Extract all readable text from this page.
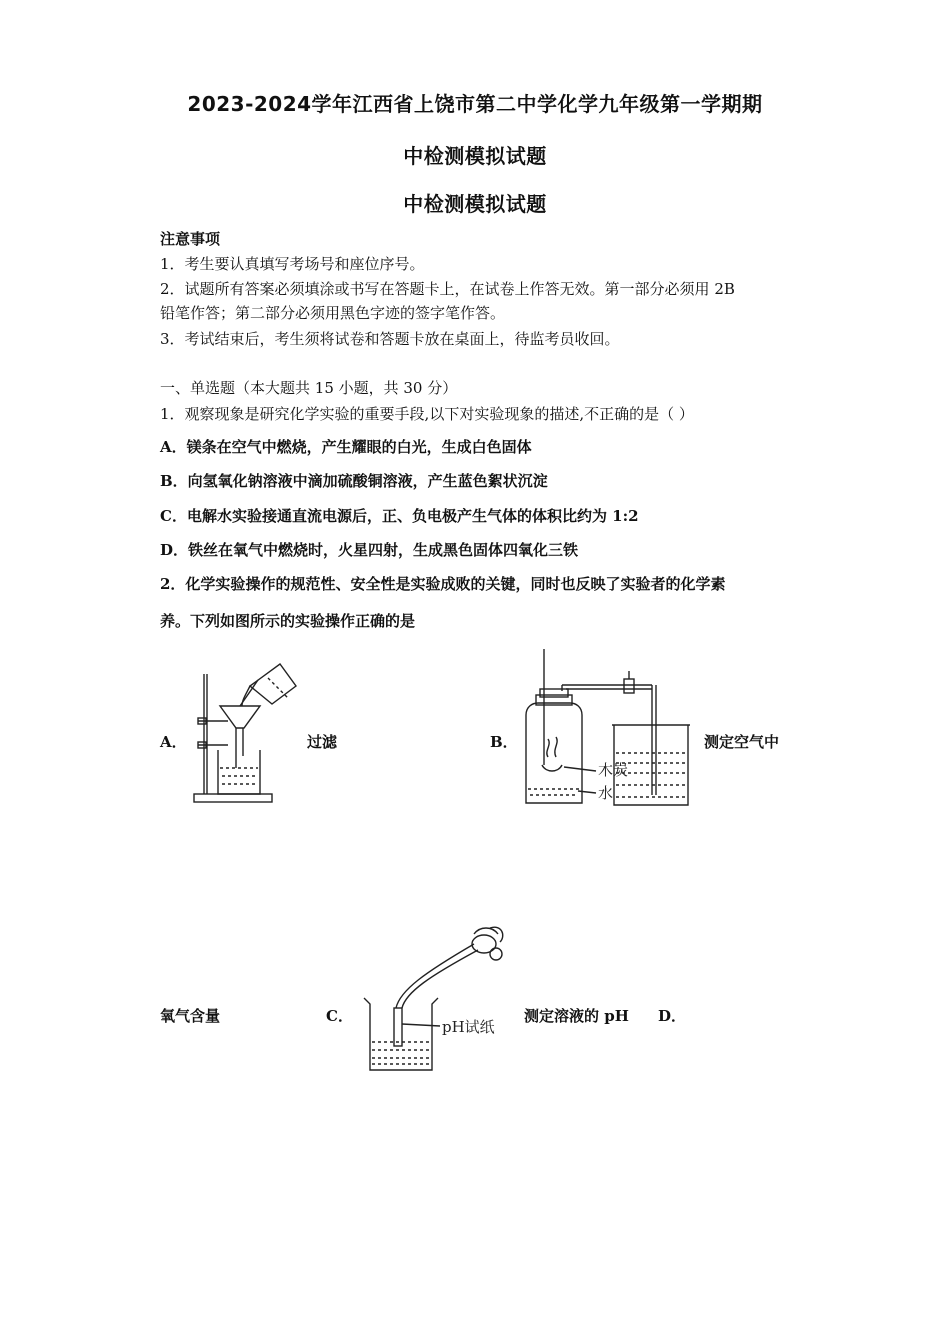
2023-2024学年江西省上饶市第二中学化学九年级第一学期期
中检测模拟试题
中检测模拟试题
注意事项
1．考生要认真填写考场号和座位序号。
2．试题所有答案必须填涂或书写在答题卡上，在试卷上作答无效。第一部分必须用 2B
铅笔作答；第二部分必须用黑色字迹的签字笔作答。
3．考试结束后，考生须将试卷和答题卡放在桌面上，待监考员收回。
一、单选题（本大题共 15 小题，共 30 分）
1．观察现象是研究化学实验的重要手段,以下对实验现象的描述,不正确的是（ ）
A．镁条在空气中燃烧，产生耀眼的白光，生成白色固体
B．向氢氧化钠溶液中滴加硫酸铜溶液，产生蓝色絮状沉淀
C．电解水实验接通直流电源后，正、负电极产生气体的体积比约为 1:2
D．铁丝在氧气中燃烧时，火星四射，生成黑色固体四氧化三铁
2．化学实验操作的规范性、安全性是实验成败的关键，同时也反映了实验者的化学素
养。下列如图所示的实验操作正确的是
A．	过滤	B．
木炭
水
测定空气中
氧气含量	C．
pH试纸
测定溶液的 pH D．
